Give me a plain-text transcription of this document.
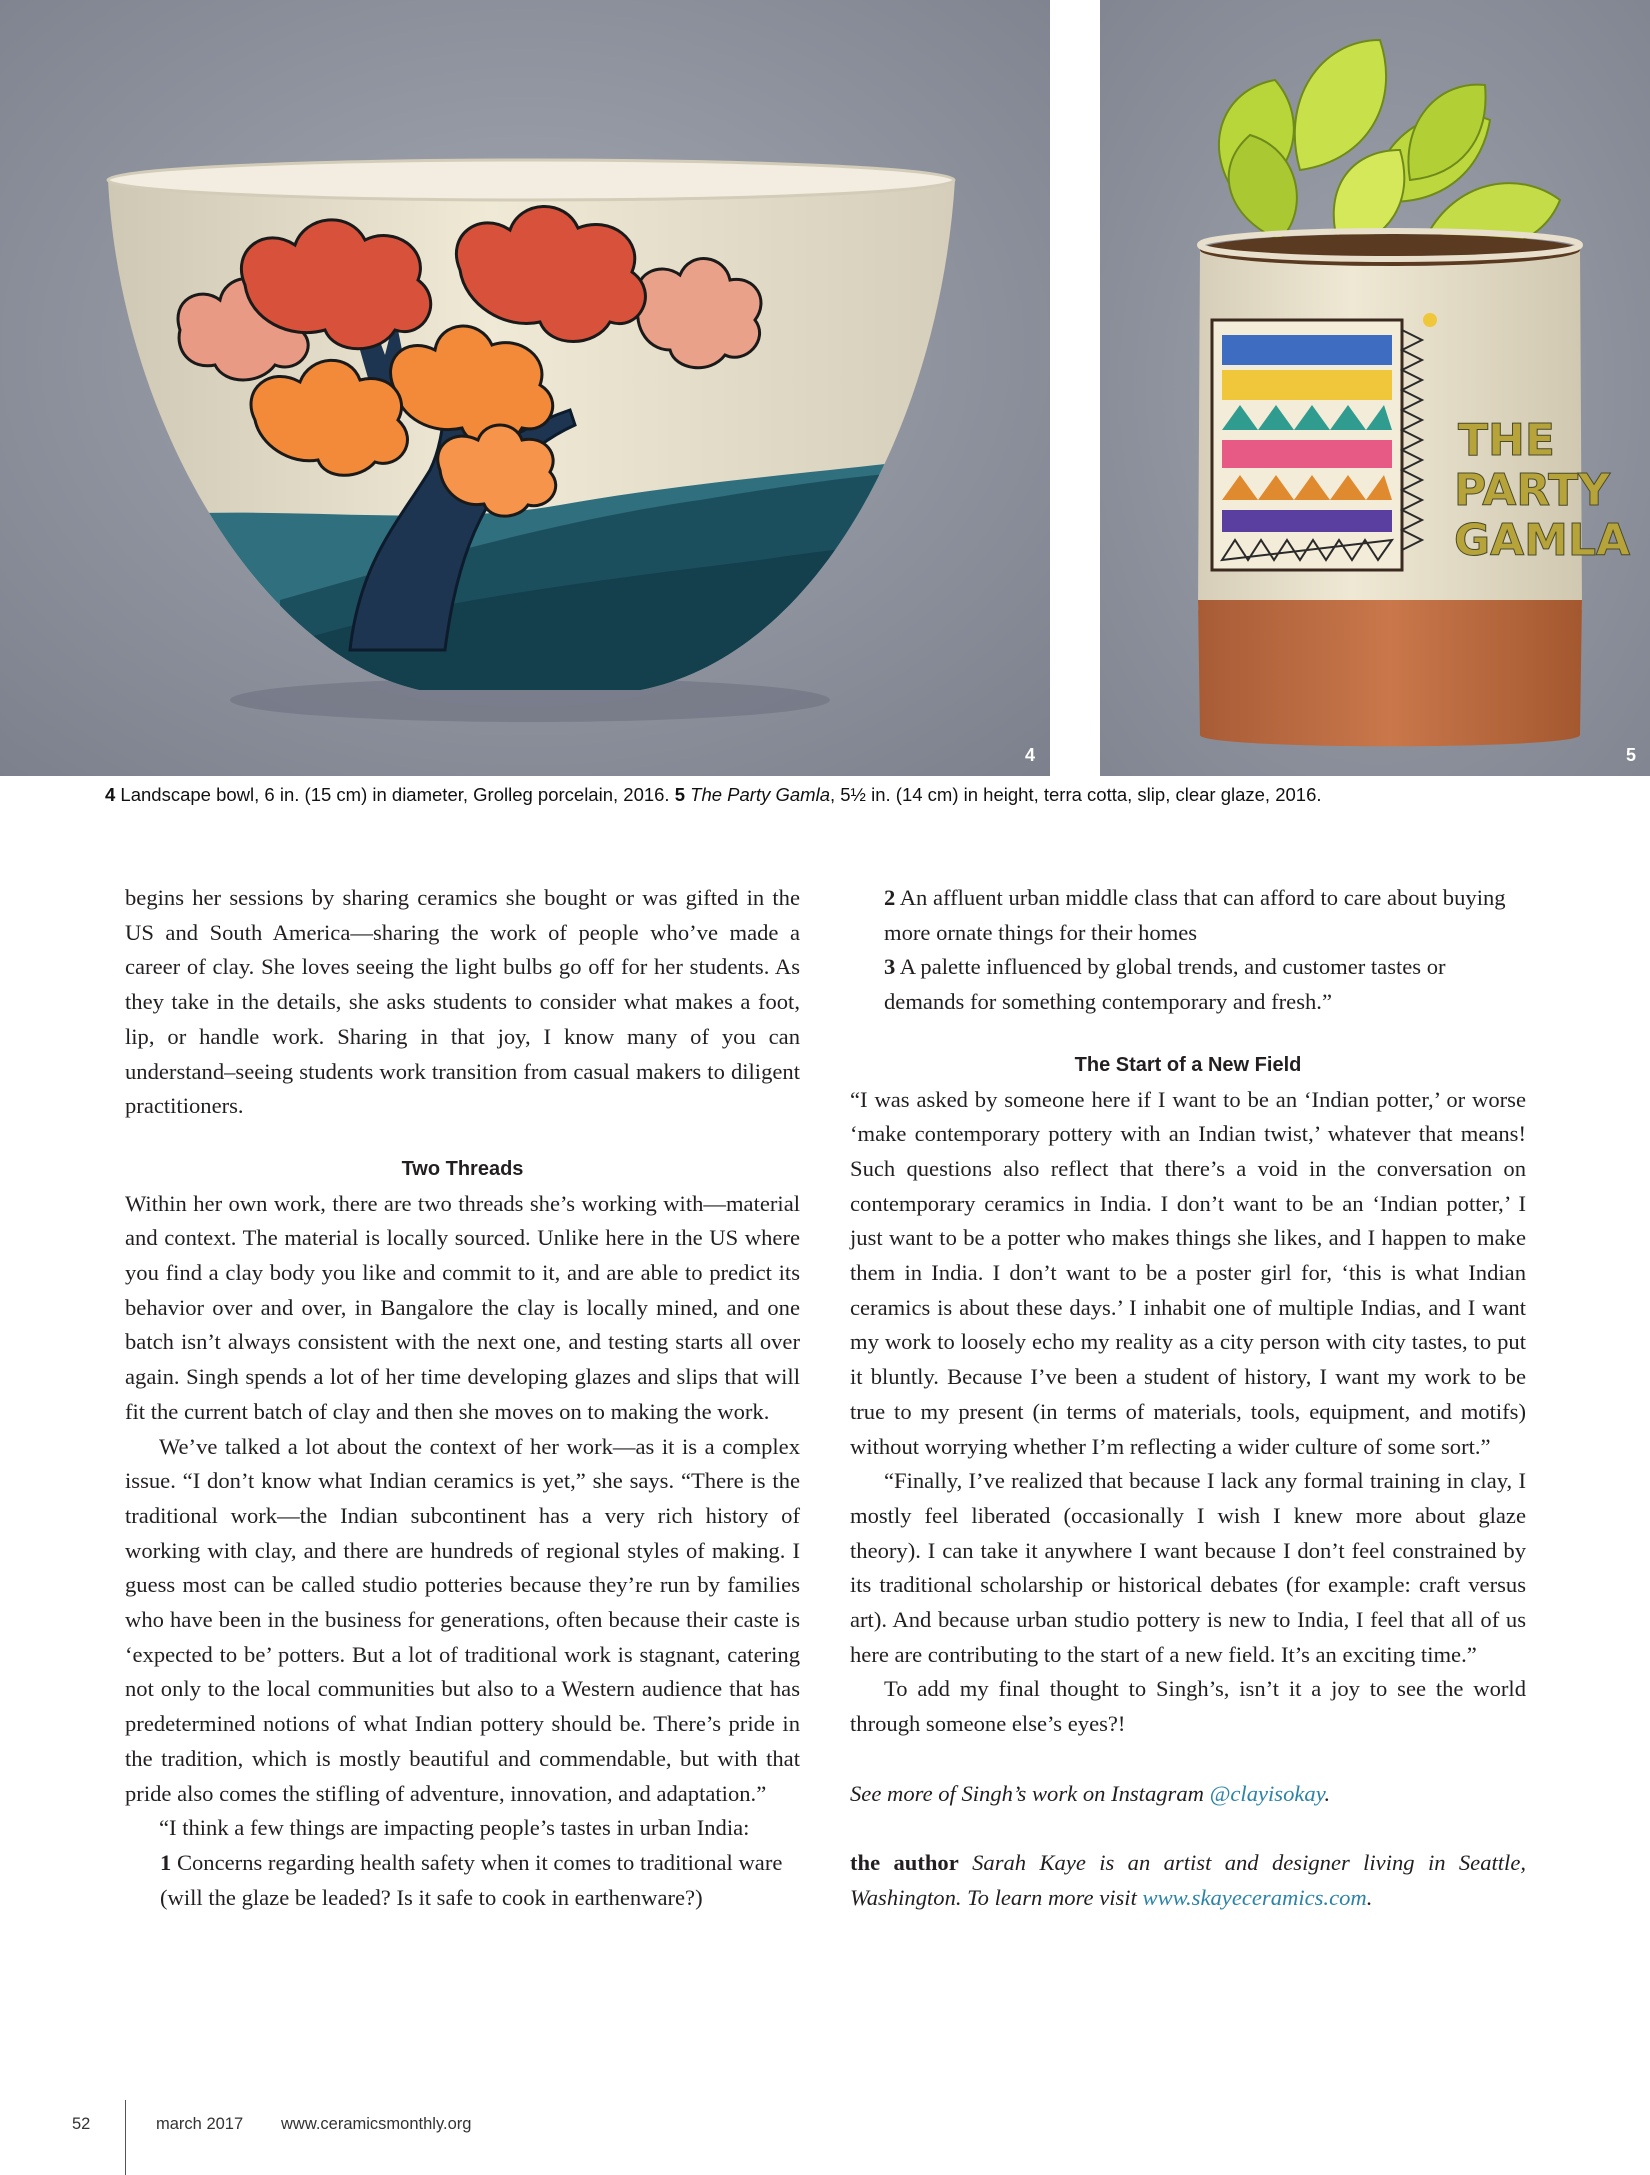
4
THE
PARTY
GAMLA
5
4 Landscape bowl, 6 in. (15 cm) in diameter, Grolleg porcelain, 2016. 5 The Party Gamla, 5½ in. (14 cm) in height, terra cotta, slip, clear glaze, 2016.

begins her sessions by sharing ceramics she bought or was gifted in the US and South America—sharing the work of people who’ve made a career of clay. She loves seeing the light bulbs go off for her students. As they take in the details, she asks students to consider what makes a foot, lip, or handle work. Sharing in that joy, I know many of you can understand–seeing students work transition from casual makers to diligent practitioners.

Two Threads

Within her own work, there are two threads she’s working with—material and context. The material is locally sourced. Unlike here in the US where you find a clay body you like and commit to it, and are able to predict its behavior over and over, in Bangalore the clay is locally mined, and one batch isn’t always consistent with the next one, and testing starts all over again. Singh spends a lot of her time developing glazes and slips that will fit the current batch of clay and then she moves on to making the work.

We’ve talked a lot about the context of her work—as it is a complex issue. “I don’t know what Indian ceramics is yet,” she says. “There is the traditional work—the Indian subcontinent has a very rich history of working with clay, and there are hundreds of regional styles of making. I guess most can be called studio potteries because they’re run by families who have been in the business for generations, often because their caste is ‘expected to be’ potters. But a lot of traditional work is stagnant, catering not only to the local communities but also to a Western audience that has predetermined notions of what Indian pottery should be. There’s pride in the tradition, which is mostly beautiful and commendable, but with that pride also comes the stifling of adventure, innovation, and adaptation.”

“I think a few things are impacting people’s tastes in urban India:

1 Concerns regarding health safety when it comes to traditional ware (will the glaze be leaded? Is it safe to cook in earthenware?)

2 An affluent urban middle class that can afford to care about buying more ornate things for their homes

3 A palette influenced by global trends, and customer tastes or demands for something contemporary and fresh.”

The Start of a New Field

“I was asked by someone here if I want to be an ‘Indian potter,’ or worse ‘make contemporary pottery with an Indian twist,’ whatever that means! Such questions also reflect that there’s a void in the conversation on contemporary ceramics in India. I don’t want to be an ‘Indian potter,’ I just want to be a potter who makes things she likes, and I happen to make them in India. I don’t want to be a poster girl for, ‘this is what Indian ceramics is about these days.’ I inhabit one of multiple Indias, and I want my work to loosely echo my reality as a city person with city tastes, to put it bluntly. Because I’ve been a student of history, I want my work to be true to my present (in terms of materials, tools, equipment, and motifs) without worrying whether I’m reflecting a wider culture of some sort.”

“Finally, I’ve realized that because I lack any formal training in clay, I mostly feel liberated (occasionally I wish I knew more about glaze theory). I can take it anywhere I want because I don’t feel constrained by its traditional scholarship or historical debates (for example: craft versus art). And because urban studio pottery is new to India, I feel that all of us here are contributing to the start of a new field. It’s an exciting time.”

To add my final thought to Singh’s, isn’t it a joy to see the world through someone else’s eyes?!

See more of Singh’s work on Instagram @clayisokay.

the author Sarah Kaye is an artist and designer living in Seattle, Washington. To learn more visit www.skayeceramics.com.

52	march 2017 www.ceramicsmonthly.org
